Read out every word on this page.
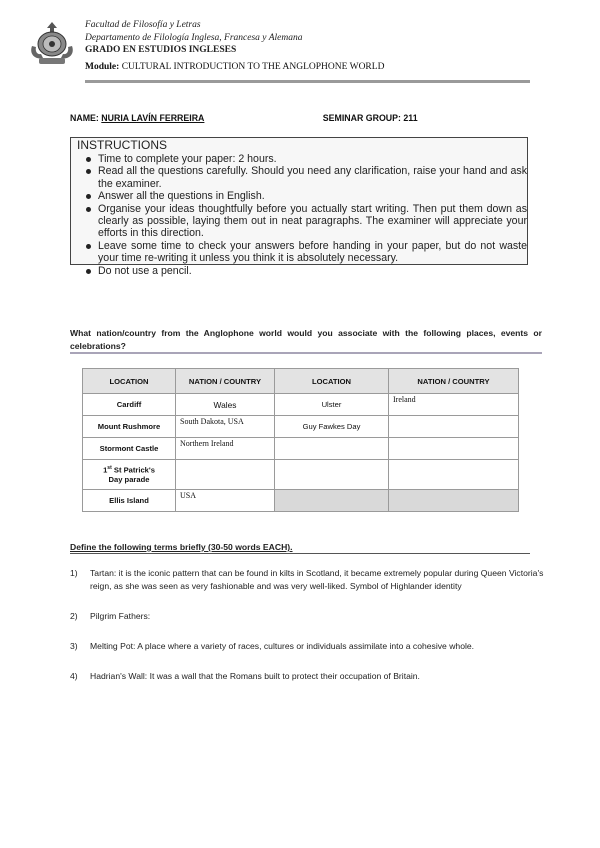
Facultad de Filosofía y Letras
Departamento de Filología Inglesa, Francesa y Alemana
GRADO EN ESTUDIOS INGLESES
Module: CULTURAL INTRODUCTION TO THE ANGLOPHONE WORLD
NAME: NURIA LAVÍN FERREIRA	SEMINAR GROUP: 211
INSTRUCTIONS
Time to complete your paper: 2 hours.
Read all the questions carefully. Should you need any clarification, raise your hand and ask the examiner.
Answer all the questions in English.
Organise your ideas thoughtfully before you actually start writing. Then put them down as clearly as possible, laying them out in neat paragraphs. The examiner will appreciate your efforts in this direction.
Leave some time to check your answers before handing in your paper, but do not waste your time re-writing it unless you think it is absolutely necessary.
Do not use a pencil.
What nation/country from the Anglophone world would you associate with the following places, events or celebrations?
LOCATION	NATION / COUNTRY	LOCATION	NATION / COUNTRY
Cardiff	Wales	Ulster	Ireland
Mount Rushmore	South Dakota, USA	Guy Fawkes Day	
Stormont Castle	Northern Ireland		
1st St Patrick's
Day parade			
Ellis Island	USA		
Define the following terms briefly (30-50 words EACH).
1) Tartan: it is the iconic pattern that can be found in kilts in Scotland, it became extremely popular during Queen Victoria's reign, as she was seen as very fashionable and was very well-liked. Symbol of Highlander identity
2) Pilgrim Fathers:
3) Melting Pot: A place where a variety of races, cultures or individuals assimilate into a cohesive whole.
4) Hadrian's Wall: It was a wall that the Romans built to protect their occupation of Britain.
